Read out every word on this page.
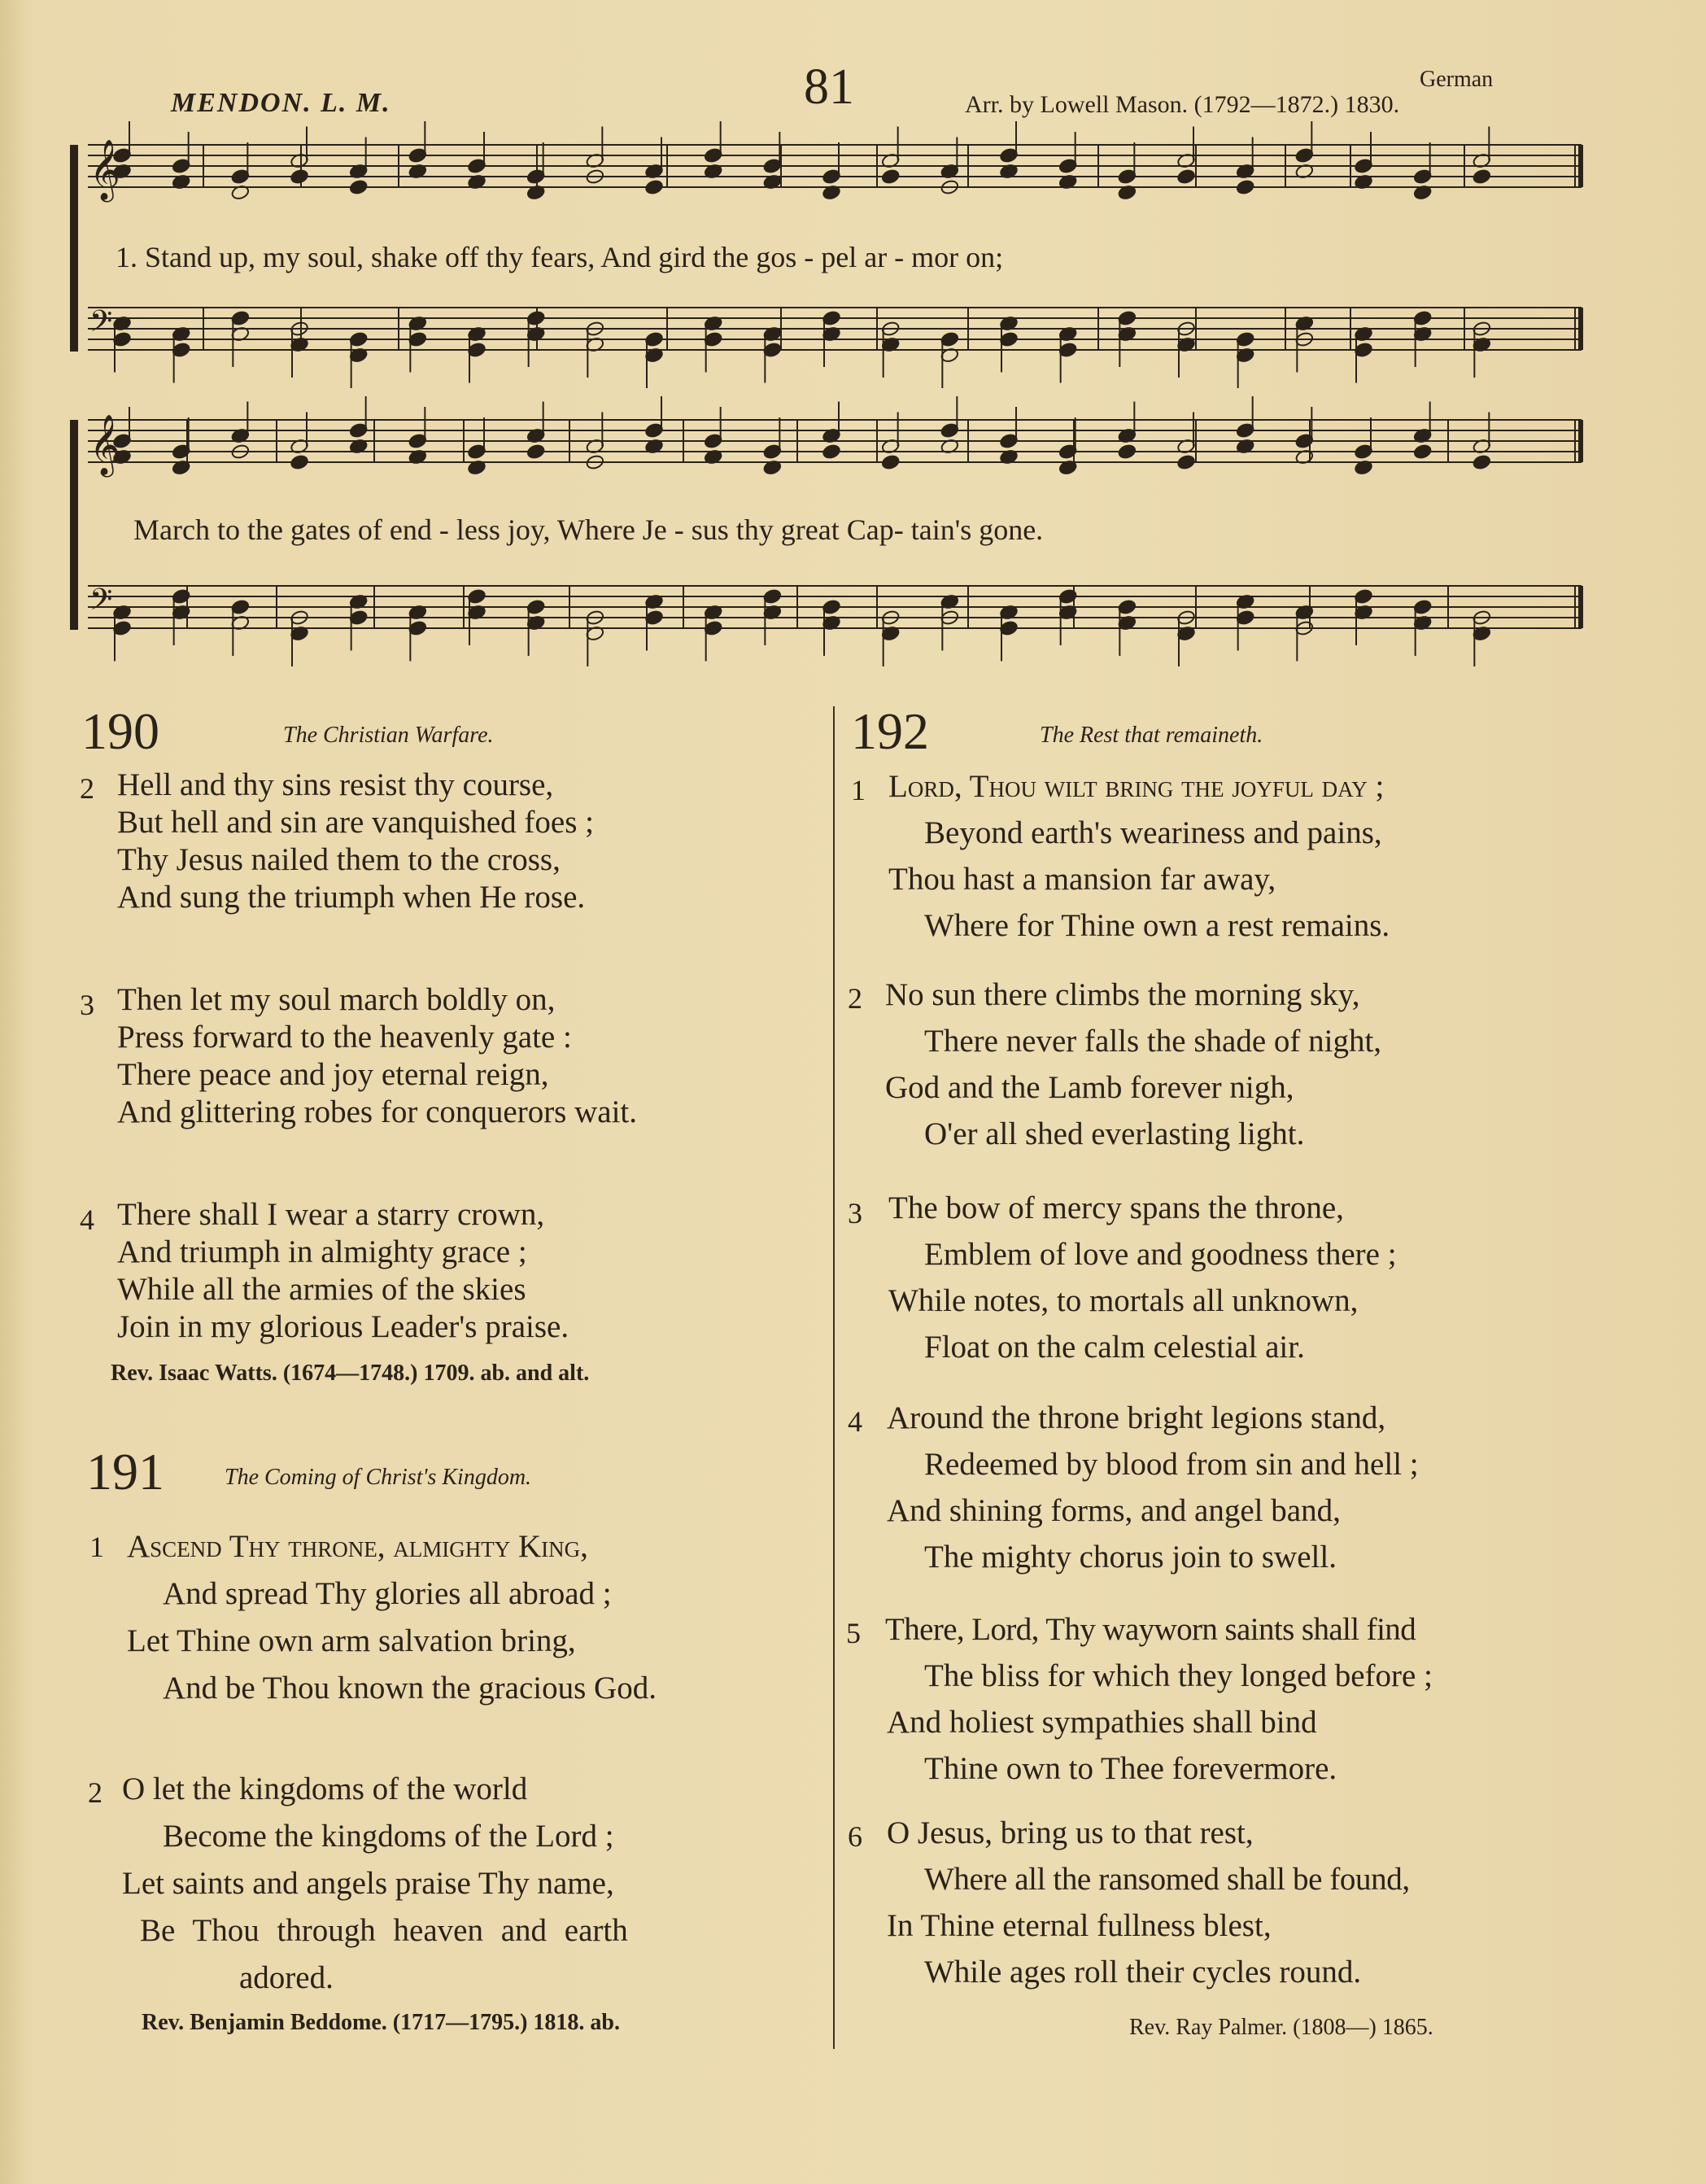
MENDON. L. M.	81	German
Arr. by Lowell Mason. (1792—1872.) 1830.
𝄞
𝄢
𝄞
𝄢
1. Stand up, my soul, shake off thy fears, And gird the gos - pel ar - mor on;
March to the gates of end - less joy, Where Je - sus thy great Cap- tain's gone.
190	The Christian Warfare.
2 Hell and thy sins resist thy course,
But hell and sin are vanquished foes ;
Thy Jesus nailed them to the cross,
And sung the triumph when He rose.
3 Then let my soul march boldly on,
Press forward to the heavenly gate :
There peace and joy eternal reign,
And glittering robes for conquerors wait.
4 There shall I wear a starry crown,
And triumph in almighty grace ;
While all the armies of the skies
Join in my glorious Leader's praise.
Rev. Isaac Watts. (1674—1748.) 1709. ab. and alt.
191	The Coming of Christ's Kingdom.
1 Ascend Thy throne, almighty King,
And spread Thy glories all abroad ;
Let Thine own arm salvation bring,
And be Thou known the gracious God.
2 O let the kingdoms of the world
Become the kingdoms of the Lord ;
Let saints and angels praise Thy name,
Be Thou through heaven and earth
adored.
Rev. Benjamin Beddome. (1717—1795.) 1818. ab.
192	The Rest that remaineth.
1 Lord, Thou wilt bring the joyful day ;
Beyond earth's weariness and pains,
Thou hast a mansion far away,
Where for Thine own a rest remains.
2 No sun there climbs the morning sky,
There never falls the shade of night,
God and the Lamb forever nigh,
O'er all shed everlasting light.
3 The bow of mercy spans the throne,
Emblem of love and goodness there ;
While notes, to mortals all unknown,
Float on the calm celestial air.
4 Around the throne bright legions stand,
Redeemed by blood from sin and hell ;
And shining forms, and angel band,
The mighty chorus join to swell.
5 There, Lord, Thy wayworn saints shall find
The bliss for which they longed before ;
And holiest sympathies shall bind
Thine own to Thee forevermore.
6 O Jesus, bring us to that rest,
Where all the ransomed shall be found,
In Thine eternal fullness blest,
While ages roll their cycles round.
Rev. Ray Palmer. (1808—) 1865.
